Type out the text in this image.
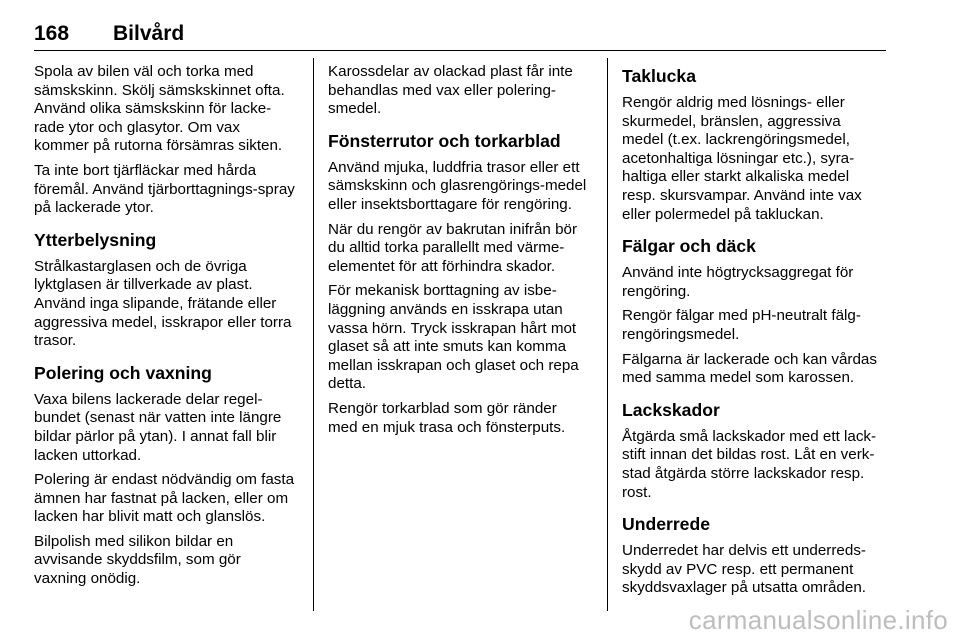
168 Bilvård

Spola av bilen väl och torka med sämskskinn. Skölj sämskskinnet ofta. Använd olika sämskskinn för lacke-rade ytor och glasytor. Om vax kommer på rutorna försämras sikten.

Ta inte bort tjärfläckar med hårda föremål. Använd tjärborttagnings-spray på lackerade ytor.

Ytterbelysning

Strålkastarglasen och de övriga lyktglasen är tillverkade av plast. Använd inga slipande, frätande eller aggressiva medel, isskrapor eller torra trasor.

Polering och vaxning

Vaxa bilens lackerade delar regel-bundet (senast när vatten inte längre bildar pärlor på ytan). I annat fall blir lacken uttorkad.

Polering är endast nödvändig om fasta ämnen har fastnat på lacken, eller om lacken har blivit matt och glanslös.

Bilpolish med silikon bildar en avvisande skyddsfilm, som gör vaxning onödig.

Karossdelar av olackad plast får inte behandlas med vax eller polering-smedel.

Fönsterrutor och torkarblad

Använd mjuka, luddfria trasor eller ett sämskskinn och glasrengörings-medel eller insektsborttagare för rengöring.

När du rengör av bakrutan inifrån bör du alltid torka parallellt med värme-elementet för att förhindra skador.

För mekanisk borttagning av isbe-läggning används en isskrapa utan vassa hörn. Tryck isskrapan hårt mot glaset så att inte smuts kan komma mellan isskrapan och glaset och repa detta.

Rengör torkarblad som gör ränder med en mjuk trasa och fönsterputs.

Taklucka

Rengör aldrig med lösnings- eller skurmedel, bränslen, aggressiva medel (t.ex. lackrengöringsmedel, acetonhaltiga lösningar etc.), syra-haltiga eller starkt alkaliska medel resp. skursvampar. Använd inte vax eller polermedel på takluckan.

Fälgar och däck

Använd inte högtrycksaggregat för rengöring.

Rengör fälgar med pH-neutralt fälg-rengöringsmedel.

Fälgarna är lackerade och kan vårdas med samma medel som karossen.

Lackskador

Åtgärda små lackskador med ett lack-stift innan det bildas rost. Låt en verk-stad åtgärda större lackskador resp. rost.

Underrede

Underredet har delvis ett underreds-skydd av PVC resp. ett permanent skyddsvaxlager på utsatta områden.

carmanualsonline.info
